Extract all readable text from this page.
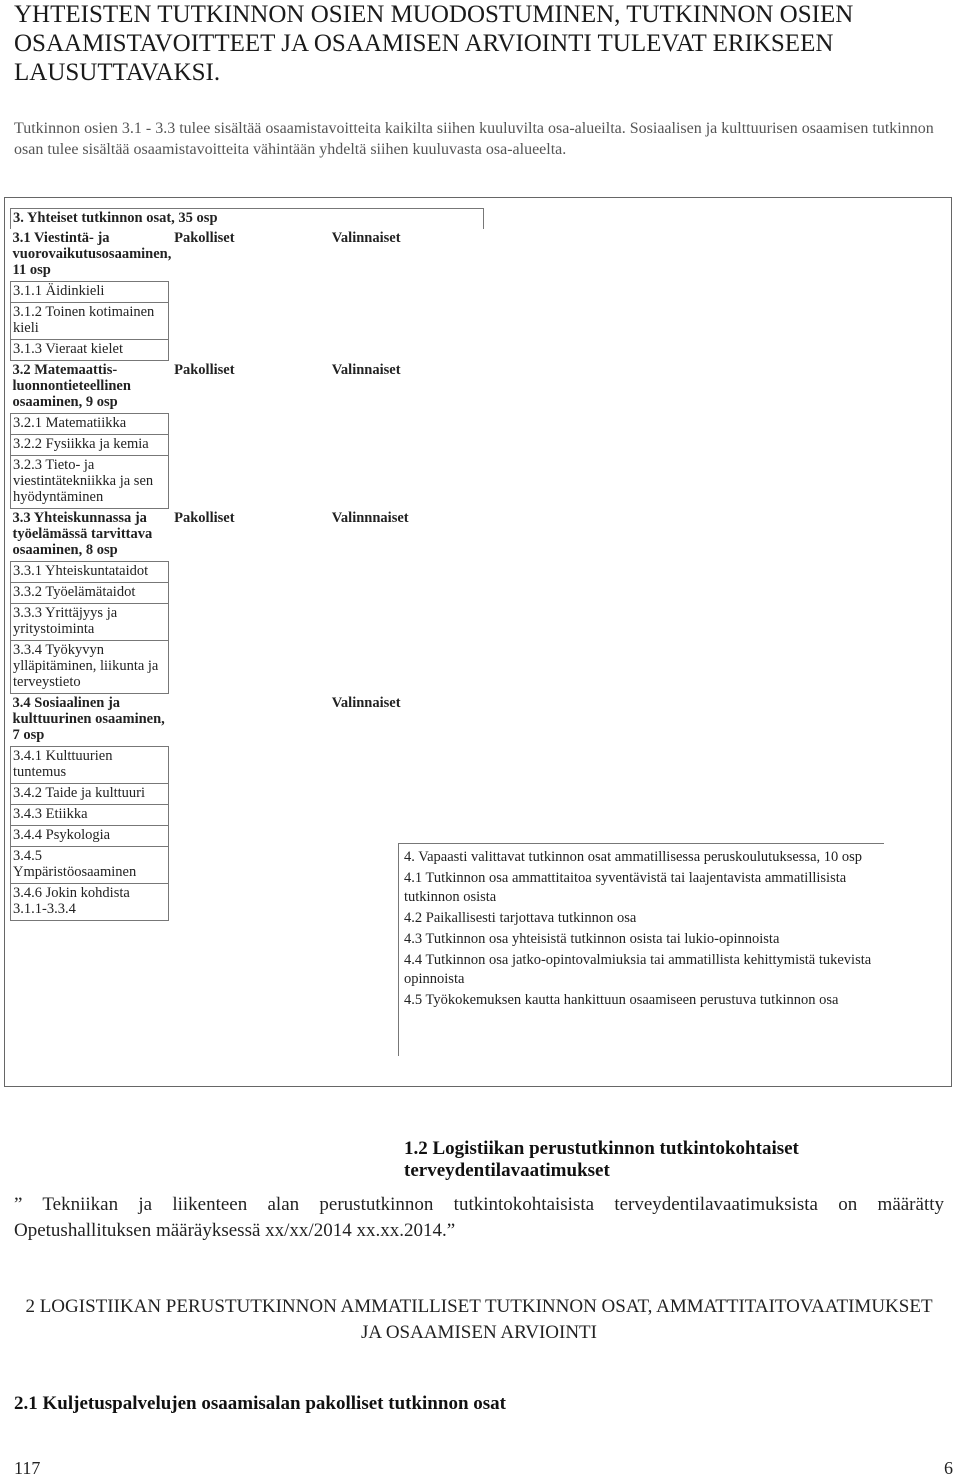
YHTEISTEN TUTKINNON OSIEN MUODOSTUMINEN, TUTKINNON OSIEN OSAAMISTAVOITTEET JA OSAAMISEN ARVIOINTI TULEVAT ERIKSEEN LAUSUTTAVAKSI.
Tutkinnon osien 3.1 - 3.3 tulee sisältää osaamistavoitteita kaikilta siihen kuuluvilta osa-alueilta. Sosiaalisen ja kulttuurisen osaamisen tutkinnon osan tulee sisältää osaamistavoitteita vähintään yhdeltä siihen kuuluvasta osa-alueelta.
3. Yhteiset tutkinnon osat, 35 osp		
3.1 Viestintä- ja vuorovaikutusosaaminen, 11 osp	Pakolliset	Valinnaiset
3.1.1 Äidinkieli		
3.1.2 Toinen kotimainen kieli		
3.1.3 Vieraat kielet		
3.2 Matemaattis-luonnontieteellinen osaaminen, 9 osp	Pakolliset	Valinnaiset
3.2.1 Matematiikka		
3.2.2 Fysiikka ja kemia		
3.2.3 Tieto- ja viestintätekniikka ja sen hyödyntäminen		
3.3 Yhteiskunnassa ja työelämässä tarvittava osaaminen, 8 osp	Pakolliset	Valinnnaiset
3.3.1 Yhteiskuntataidot		
3.3.2 Työelämätaidot		
3.3.3 Yrittäjyys ja yritystoiminta		
3.3.4 Työkyvyn ylläpitäminen, liikunta ja terveystieto		
3.4 Sosiaalinen ja kulttuurinen osaaminen, 7 osp		Valinnaiset
3.4.1 Kulttuurien tuntemus		
3.4.2 Taide ja kulttuuri		
3.4.3 Etiikka		
3.4.4 Psykologia		
3.4.5 Ympäristöosaaminen		
3.4.6 Jokin kohdista 3.1.1-3.3.4		
4. Vapaasti valittavat tutkinnon osat ammatillisessa peruskoulutuksessa, 10 osp
4.1 Tutkinnon osa ammattitaitoa syventävistä tai laajentavista ammatillisista tutkinnon osista
4.2 Paikallisesti tarjottava tutkinnon osa
4.3 Tutkinnon osa yhteisistä tutkinnon osista tai lukio-opinnoista
4.4 Tutkinnon osa jatko-opintovalmiuksia tai ammatillista kehittymistä tukevista opinnoista
4.5 Työkokemuksen kautta hankittuun osaamiseen perustuva tutkinnon osa
1.2 Logistiikan perustutkinnon tutkintokohtaiset terveydentilavaatimukset
” Tekniikan ja liikenteen alan perustutkinnon tutkintokohtaisista terveydentilavaatimuksista on määrätty Opetushallituksen määräyksessä xx/xx/2014 xx.xx.2014.”
2 LOGISTIIKAN PERUSTUTKINNON AMMATILLISET TUTKINNON OSAT, AMMATTITAITOVAATIMUKSET JA OSAAMISEN ARVIOINTI
2.1 Kuljetuspalvelujen osaamisalan pakolliset tutkinnon osat
117	6
